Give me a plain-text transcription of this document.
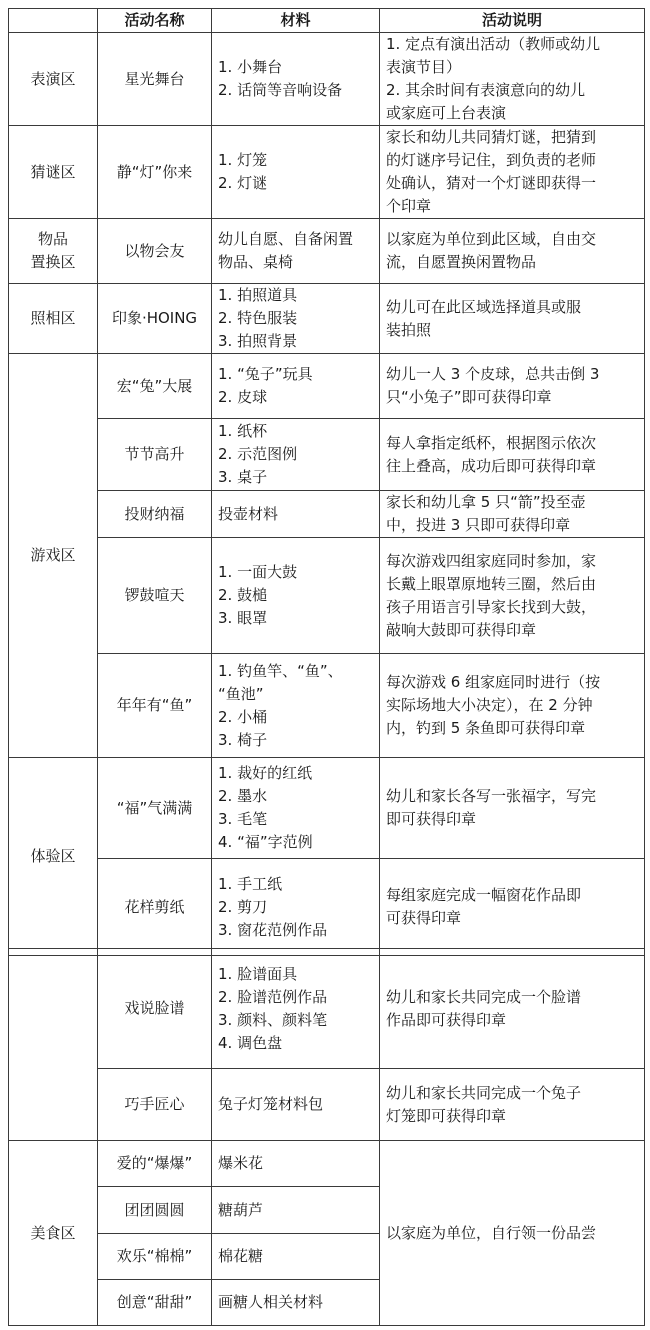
	活动名称	材料	活动说明

表演区	星光舞台	1. 小舞台
2. 话筒等音响设备	1. 定点有演出活动（教师或幼儿
表演节目）
2. 其余时间有表演意向的幼儿
或家庭可上台表演

猜谜区	静“灯”你来	1. 灯笼
2. 灯谜	家长和幼儿共同猜灯谜，把猜到
的灯谜序号记住，到负责的老师
处确认，猜对一个灯谜即获得一
个印章

物品
置换区	以物会友	幼儿自愿、自备闲置
物品、桌椅	以家庭为单位到此区域，自由交
流，自愿置换闲置物品

照相区	印象·HOING	1. 拍照道具
2. 特色服装
3. 拍照背景	幼儿可在此区域选择道具或服
装拍照

游戏区	宏“兔”大展	1. “兔子”玩具
2. 皮球	幼儿一人 3 个皮球，总共击倒 3
只“小兔子”即可获得印章

	节节高升	1. 纸杯
2. 示范图例
3. 桌子	每人拿指定纸杯，根据图示依次
往上叠高，成功后即可获得印章

	投财纳福	投壶材料	家长和幼儿拿 5 只“箭”投至壶
中，投进 3 只即可获得印章

	锣鼓喧天	1. 一面大鼓
2. 鼓槌
3. 眼罩	每次游戏四组家庭同时参加，家
长戴上眼罩原地转三圈，然后由
孩子用语言引导家长找到大鼓，
敲响大鼓即可获得印章

	年年有“鱼”	1. 钓鱼竿、“鱼”、
“鱼池”
2. 小桶
3. 椅子	每次游戏 6 组家庭同时进行（按
实际场地大小决定），在 2 分钟
内，钓到 5 条鱼即可获得印章

体验区	“福”气满满	1. 裁好的红纸
2. 墨水
3. 毛笔
4. “福”字范例	幼儿和家长各写一张福字，写完
即可获得印章

	花样剪纸	1. 手工纸
2. 剪刀
3. 窗花范例作品	每组家庭完成一幅窗花作品即
可获得印章

	戏说脸谱	1. 脸谱面具
2. 脸谱范例作品
3. 颜料、颜料笔
4. 调色盘	幼儿和家长共同完成一个脸谱
作品即可获得印章

	巧手匠心	兔子灯笼材料包	幼儿和家长共同完成一个兔子
灯笼即可获得印章

美食区	爱的“爆爆”	爆米花	以家庭为单位，自行领一份品尝

	团团圆圆	糖葫芦	

	欢乐“棉棉”	棉花糖	

	创意“甜甜”	画糖人相关材料	
